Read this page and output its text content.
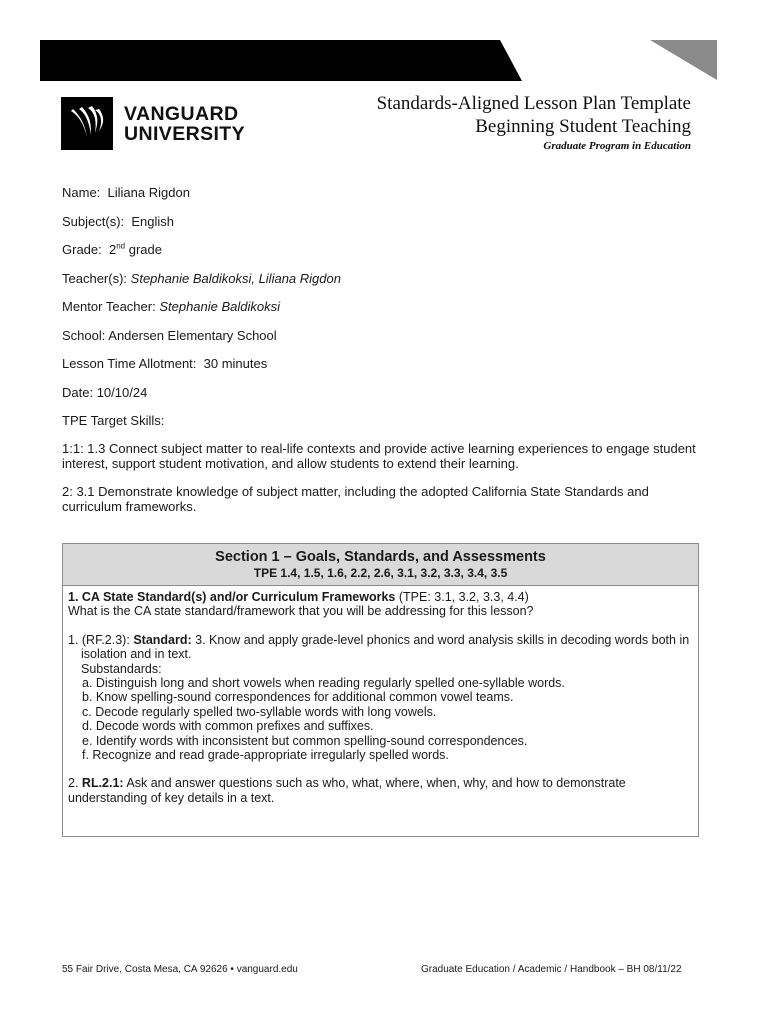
VANGUARD
UNIVERSITY
Standards-Aligned Lesson Plan Template
Beginning Student Teaching
Graduate Program in Education
Name: Liliana Rigdon
Subject(s): English
Grade: 2nd grade
Teacher(s): Stephanie Baldikoksi, Liliana Rigdon
Mentor Teacher: Stephanie Baldikoksi
School: Andersen Elementary School
Lesson Time Allotment: 30 minutes
Date: 10/10/24
TPE Target Skills:
1:1: 1.3 Connect subject matter to real-life contexts and provide active learning experiences to engage student interest, support student motivation, and allow students to extend their learning.
2: 3.1 Demonstrate knowledge of subject matter, including the adopted California State Standards and curriculum frameworks.
Section 1 – Goals, Standards, and Assessments
TPE 1.4, 1.5, 1.6, 2.2, 2.6, 3.1, 3.2, 3.3, 3.4, 3.5

1. CA State Standard(s) and/or Curriculum Frameworks (TPE: 3.1, 3.2, 3.3, 4.4)

What is the CA state standard/framework that you will be addressing for this lesson?

1. (RF.2.3): Standard: 3. Know and apply grade-level phonics and word analysis skills in decoding words both in

isolation and in text.

Substandards:

a. Distinguish long and short vowels when reading regularly spelled one-syllable words.

b. Know spelling-sound correspondences for additional common vowel teams.

c. Decode regularly spelled two-syllable words with long vowels.

d. Decode words with common prefixes and suffixes.

e. Identify words with inconsistent but common spelling-sound correspondences.

f. Recognize and read grade-appropriate irregularly spelled words.

2. RL.2.1: Ask and answer questions such as who, what, where, when, why, and how to demonstrate understanding of key details in a text.

55 Fair Drive, Costa Mesa, CA 92626 • vanguard.edu	Graduate Education / Academic / Handbook – BH 08/11/22
